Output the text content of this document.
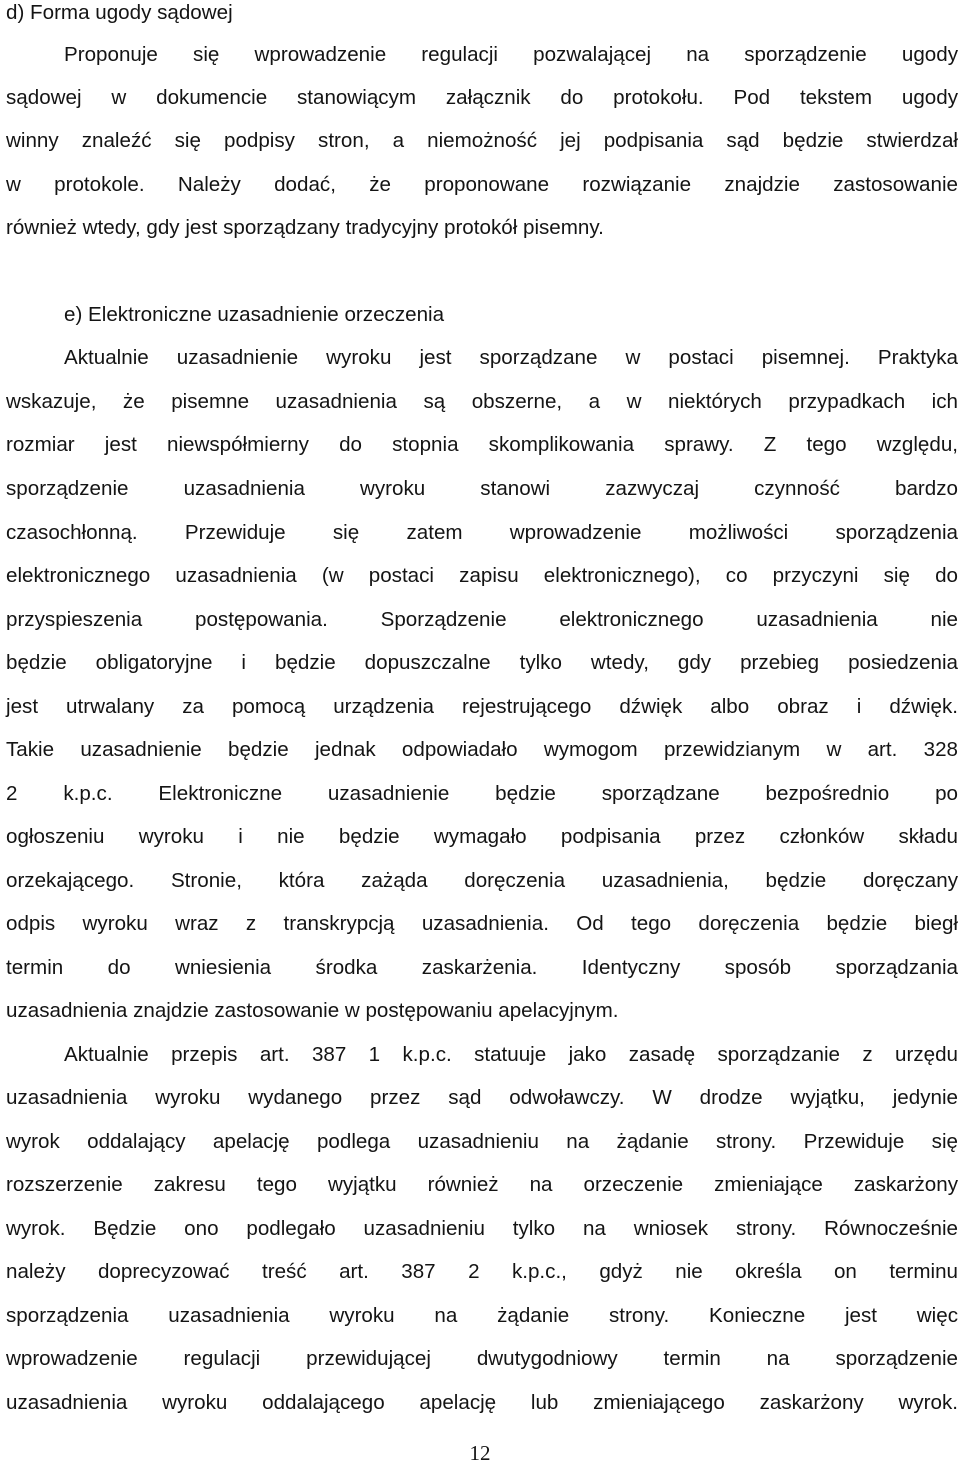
d) Forma ugody sądowej
Proponuje się wprowadzenie regulacji pozwalającej na sporządzenie ugody
sądowej w dokumencie stanowiącym załącznik do protokołu. Pod tekstem ugody
winny znaleźć się podpisy stron, a niemożność jej podpisania sąd będzie stwierdzał
w protokole. Należy dodać, że proponowane rozwiązanie znajdzie zastosowanie
również wtedy, gdy jest sporządzany tradycyjny protokół pisemny.
e) Elektroniczne uzasadnienie orzeczenia
Aktualnie uzasadnienie wyroku jest sporządzane w postaci pisemnej. Praktyka
wskazuje, że pisemne uzasadnienia są obszerne, a w niektórych przypadkach ich
rozmiar jest niewspółmierny do stopnia skomplikowania sprawy. Z tego względu,
sporządzenie uzasadnienia wyroku stanowi zazwyczaj czynność bardzo
czasochłonną. Przewiduje się zatem wprowadzenie możliwości sporządzenia
elektronicznego uzasadnienia (w postaci zapisu elektronicznego), co przyczyni się do
przyspieszenia postępowania. Sporządzenie elektronicznego uzasadnienia nie
będzie obligatoryjne i będzie dopuszczalne tylko wtedy, gdy przebieg posiedzenia
jest utrwalany za pomocą urządzenia rejestrującego dźwięk albo obraz i dźwięk.
Takie uzasadnienie będzie jednak odpowiadało wymogom przewidzianym w art. 328
2 k.p.c. Elektroniczne uzasadnienie będzie sporządzane bezpośrednio po
ogłoszeniu wyroku i nie będzie wymagało podpisania przez członków składu
orzekającego. Stronie, która zażąda doręczenia uzasadnienia, będzie doręczany
odpis wyroku wraz z transkrypcją uzasadnienia. Od tego doręczenia będzie biegł
termin do wniesienia środka zaskarżenia. Identyczny sposób sporządzania
uzasadnienia znajdzie zastosowanie w postępowaniu apelacyjnym.
Aktualnie przepis art. 387 1 k.p.c. statuuje jako zasadę sporządzanie z urzędu
uzasadnienia wyroku wydanego przez sąd odwoławczy. W drodze wyjątku, jedynie
wyrok oddalający apelację podlega uzasadnieniu na żądanie strony. Przewiduje się
rozszerzenie zakresu tego wyjątku również na orzeczenie zmieniające zaskarżony
wyrok. Będzie ono podlegało uzasadnieniu tylko na wniosek strony. Równocześnie
należy doprecyzować treść art. 387 2 k.p.c., gdyż nie określa on terminu
sporządzenia uzasadnienia wyroku na żądanie strony. Konieczne jest więc
wprowadzenie regulacji przewidującej dwutygodniowy termin na sporządzenie
uzasadnienia wyroku oddalającego apelację lub zmieniającego zaskarżony wyrok.
12
